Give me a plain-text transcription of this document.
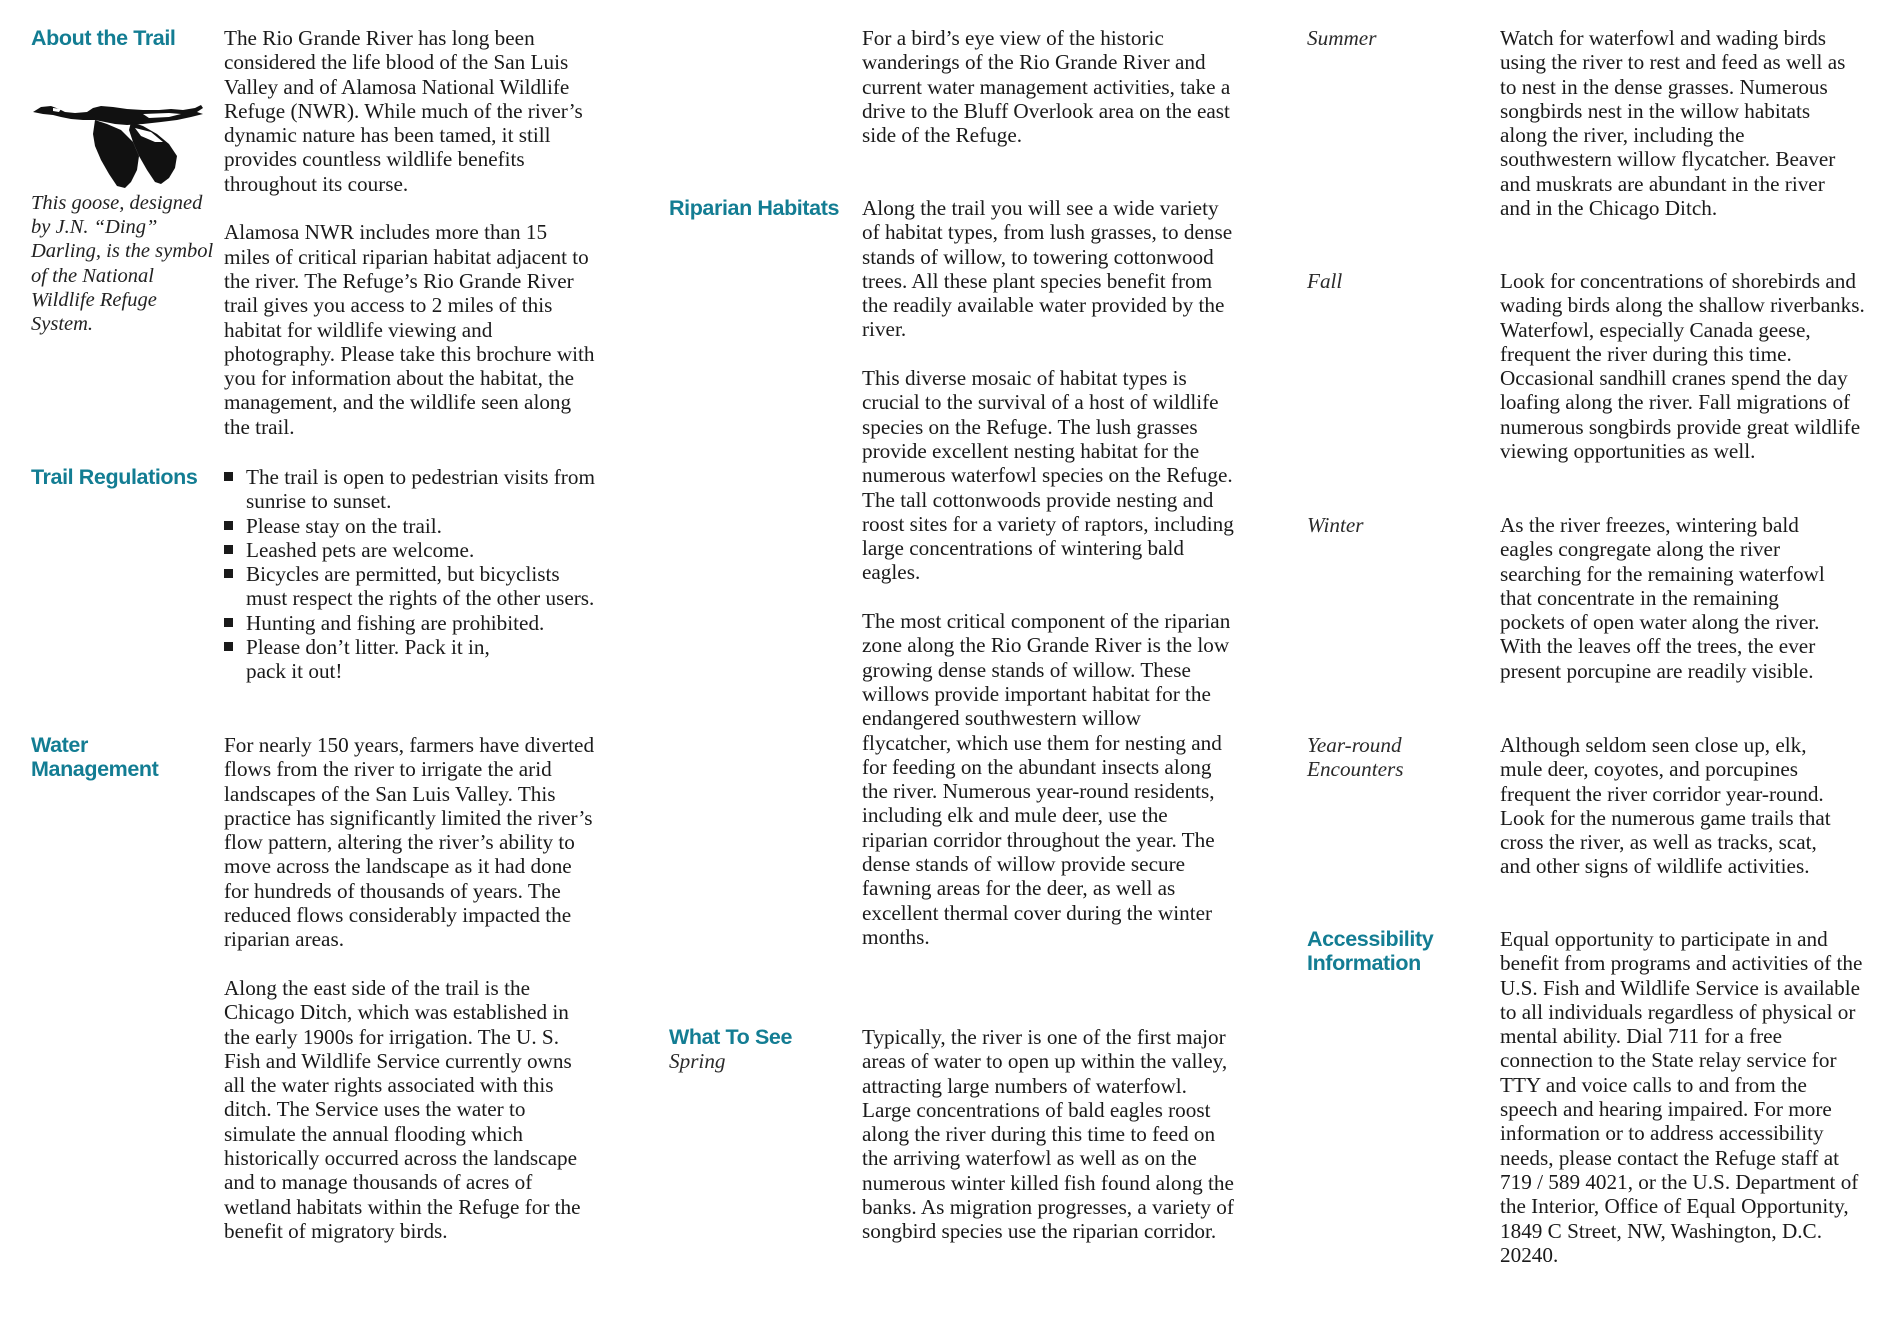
About the Trail
This goose, designed by J.N. “Ding” Darling, is the symbol of the National Wildlife Refuge System.

The Rio Grande River has long been considered the life blood of the San Luis Valley and of Alamosa National Wildlife Refuge (NWR). While much of the river’s dynamic nature has been tamed, it still provides countless wildlife benefits throughout its course.

Alamosa NWR includes more than 15 miles of critical riparian habitat adjacent to the river. The Refuge’s Rio Grande River trail gives you access to 2 miles of this habitat for wildlife viewing and photography. Please take this brochure with you for information about the habitat, the management, and the wildlife seen along the trail.

Trail Regulations	The trail is open to pedestrian visits from sunrise to sunset.
Please stay on the trail.
Leashed pets are welcome.
Bicycles are permitted, but bicyclists must respect the rights of the other users.
Hunting and fishing are prohibited.
Please don’t litter. Pack it in, pack it out!
Water Management

For nearly 150 years, farmers have diverted flows from the river to irrigate the arid landscapes of the San Luis Valley. This practice has significantly limited the river’s flow pattern, altering the river’s ability to move across the landscape as it had done for hundreds of thousands of years. The reduced flows considerably impacted the riparian areas.

Along the east side of the trail is the Chicago Ditch, which was established in the early 1900s for irrigation. The U. S. Fish and Wildlife Service currently owns all the water rights associated with this ditch. The Service uses the water to simulate the annual flooding which historically occurred across the landscape and to manage thousands of acres of wetland habitats within the Refuge for the benefit of migratory birds.

For a bird’s eye view of the historic wanderings of the Rio Grande River and current water management activities, take a drive to the Bluff Overlook area on the east side of the Refuge.
Riparian Habitats	Along the trail you will see a wide variety of habitat types, from lush grasses, to dense stands of willow, to towering cottonwood trees. All these plant species benefit from the readily available water provided by the river.

This diverse mosaic of habitat types is crucial to the survival of a host of wildlife species on the Refuge. The lush grasses provide excellent nesting habitat for the numerous waterfowl species on the Refuge. The tall cottonwoods provide nesting and roost sites for a variety of raptors, including large concentrations of wintering bald eagles.

The most critical component of the riparian zone along the Rio Grande River is the low growing dense stands of willow. These willows provide important habitat for the endangered southwestern willow flycatcher, which use them for nesting and for feeding on the abundant insects along the river. Numerous year-round residents, including elk and mule deer, use the riparian corridor throughout the year. The dense stands of willow provide secure fawning areas for the deer, as well as excellent thermal cover during the winter months.

What To See
Spring
Typically, the river is one of the first major areas of water to open up within the valley, attracting large numbers of waterfowl. Large concentrations of bald eagles roost along the river during this time to feed on the arriving waterfowl as well as on the numerous winter killed fish found along the banks. As migration progresses, a variety of songbird species use the riparian corridor.
Summer	Watch for waterfowl and wading birds using the river to rest and feed as well as to nest in the dense grasses. Numerous songbirds nest in the willow habitats along the river, including the southwestern willow flycatcher. Beaver and muskrats are abundant in the river and in the Chicago Ditch.
Fall	Look for concentrations of shorebirds and wading birds along the shallow riverbanks. Waterfowl, especially Canada geese, frequent the river during this time. Occasional sandhill cranes spend the day loafing along the river. Fall migrations of numerous songbirds provide great wildlife viewing opportunities as well.
Winter	As the river freezes, wintering bald eagles congregate along the river searching for the remaining waterfowl that concentrate in the remaining pockets of open water along the river. With the leaves off the trees, the ever present porcupine are readily visible.
Year-round
Encounters
Although seldom seen close up, elk, mule deer, coyotes, and porcupines frequent the river corridor year-round. Look for the numerous game trails that cross the river, as well as tracks, scat, and other signs of wildlife activities.
Accessibility
Information
Equal opportunity to participate in and benefit from programs and activities of the U.S. Fish and Wildlife Service is available to all individuals regardless of physical or mental ability. Dial 711 for a free connection to the State relay service for TTY and voice calls to and from the speech and hearing impaired. For more information or to address accessibility needs, please contact the Refuge staff at 719 / 589 4021, or the U.S. Department of the Interior, Office of Equal Opportunity, 1849 C Street, NW, Washington, D.C. 20240.
